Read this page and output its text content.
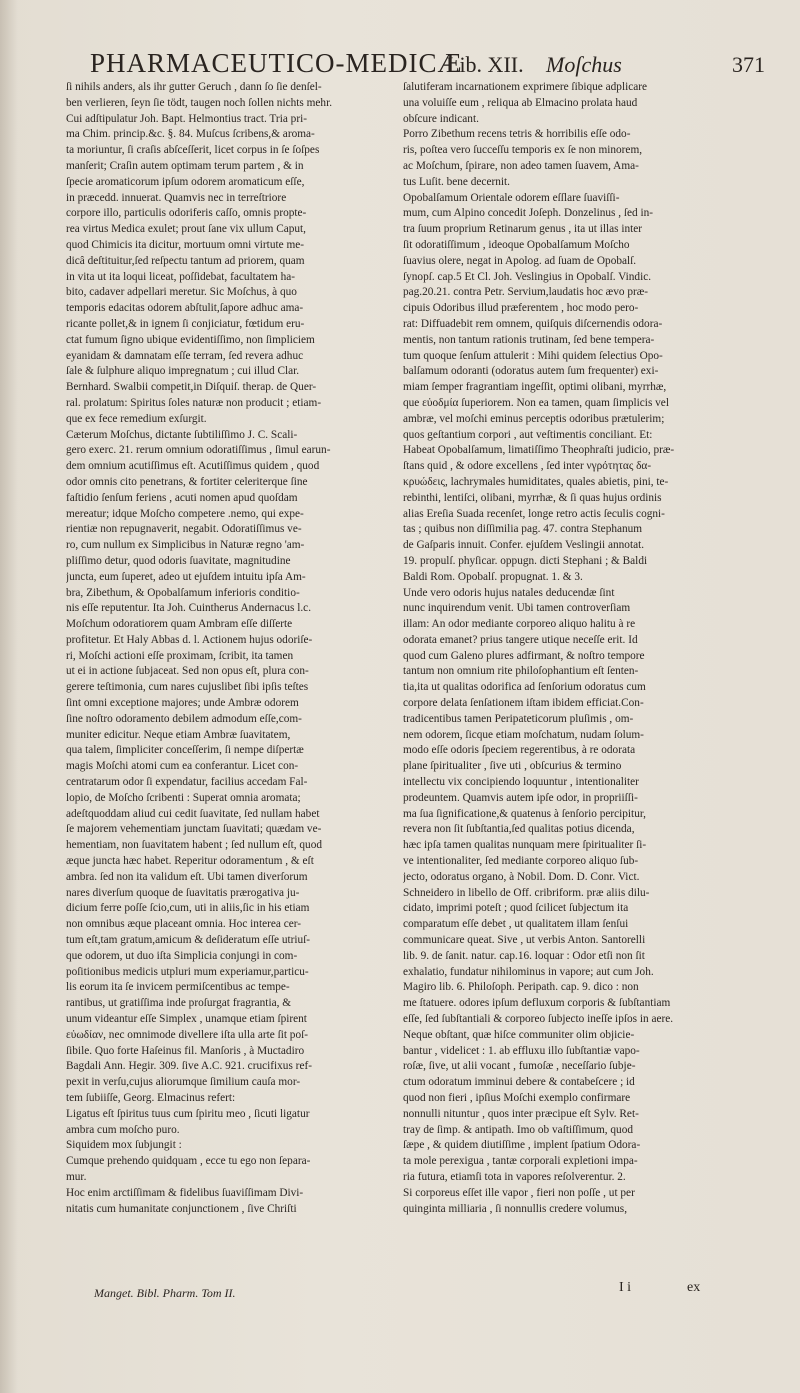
PHARMACEUTICO-MEDICÆ
Lib. XII. Moſchus	371
ſi nihils anders, als ihr gutter Geruch , dann ſo ſie denſel-
ben verlieren, ſeyn ſie tödt, taugen noch ſollen nichts mehr.
Cui adſtipulatur Joh. Bapt. Helmontius tract. Tria pri-
ma Chim. princip.&c. §. 84. Muſcus ſcribens,& aroma-
ta moriuntur, ſi craſis abſceſſerit, licet corpus in ſe ſoſpes
manſerit; Craſin autem optimam terum partem , & in
ſpecie aromaticorum ipſum odorem aromaticum eſſe,
in præcedd. innuerat. Quamvis nec in terreſtriore
corpore illo, particulis odoriferis caſſo, omnis propte-
rea virtus Medica exulet; prout ſane vix ullum Caput,
quod Chimicis ita dicitur, mortuum omni virtute me-
dicâ deſtituitur,ſed reſpectu tantum ad priorem, quam
in vita ut ita loqui liceat, poſſidebat, facultatem ha-
bito, cadaver adpellari meretur. Sic Moſchus, à quo
temporis edacitas odorem abſtulit,ſapore adhuc ama-
ricante pollet,& in ignem ſi conjiciatur, fœtidum eru-
ctat fumum ſigno ubique evidentiſſimo, non ſimpliciem
eyanidam & damnatam eſſe terram, ſed revera adhuc
ſale & ſulphure aliquo impregnatum ; cui illud Clar.
Bernhard. Swalbii competit,in Diſquiſ. therap. de Quer-
ral. prolatum: Spiritus ſoles naturæ non producit ; etiam-
que ex fece remedium exſurgit.
Cæterum Moſchus, dictante ſubtiliſſimo J. C. Scali-
gero exerc. 21. rerum omnium odoratiſſimus , ſimul earun-
dem omnium acutiſſimus eſt. Acutiſſimus quidem , quod
odor omnis cito penetrans, & fortiter celeriterque ſine
faſtidio ſenſum feriens , acuti nomen apud quoſdam
mereatur; idque Moſcho competere .nemo, qui expe-
rientiæ non repugnaverit, negabit. Odoratiſſimus ve-
ro, cum nullum ex Simplicibus in Naturæ regno 'am-
pliſſimo detur, quod odoris ſuavitate, magnitudine
juncta, eum ſuperet, adeo ut ejuſdem intuitu ipſa Am-
bra, Zibethum, & Opobalſamum inferioris conditio-
nis eſſe reputentur. Ita Joh. Cuintherus Andernacus l.c.
Moſchum odoratiorem quam Ambram eſſe diſſerte
profitetur. Et Haly Abbas d. l. Actionem hujus odoriſe-
ri, Moſchi actioni eſſe proximam, ſcribit, ita tamen
ut ei in actione ſubjaceat. Sed non opus eſt, plura con-
gerere teſtimonia, cum nares cujuslibet ſibi ipſis teſtes
ſint omni exceptione majores; unde Ambræ odorem
ſine noſtro odoramento debilem admodum eſſe,com-
muniter edicitur. Neque etiam Ambræ ſuavitatem,
qua talem, ſimpliciter conceſſerim, ſi nempe diſpertæ
magis Moſchi atomi cum ea conferantur. Licet con-
centratarum odor ſi expendatur, facilius accedam Fal-
lopio, de Moſcho ſcribenti : Superat omnia aromata;
adeſtquoddam aliud cui cedit ſuavitate, ſed nullam habet
ſe majorem vehementiam junctam ſuavitati; quædam ve-
hementiam, non ſuavitatem habent ; ſed nullum eſt, quod
æque juncta hæc habet. Reperitur odoramentum , & eſt
ambra. ſed non ita validum eſt. Ubi tamen diverſorum
nares diverſum quoque de ſuavitatis prærogativa ju-
dicium ferre poſſe ſcio,cum, uti in aliis,ſic in his etiam
non omnibus æque placeant omnia. Hoc interea cer-
tum eſt,tam gratum,amicum & deſideratum eſſe utriuſ-
que odorem, ut duo iſta Simplicia conjungi in com-
poſitionibus medicis utpluri mum experiamur,particu-
lis eorum ita ſe invicem permiſcentibus ac tempe-
rantibus, ut gratiſſima inde proſurgat fragrantia, &
unum videantur eſſe Simplex , unamque etiam ſpirent
εὐωδίαν, nec omnimode divellere iſta ulla arte ſit poſ-
ſibile. Quo forte Haſeinus fil. Manſoris , à Muctadiro
Bagdali Ann. Hegir. 309. ſive A.C. 921. crucifixus ref-
pexit in verſu,cujus aliorumque ſimilium cauſa mor-
tem ſubiiſſe, Georg. Elmacinus refert:
Ligatus eſt ſpiritus tuus cum ſpiritu meo , ſicuti ligatur
ambra cum moſcho puro.
Siquidem mox ſubjungit :
Cumque prehendo quidquam , ecce tu ego non ſepara-
mur.
Hoc enim arctiſſimam & fidelibus ſuaviſſimam Divi-
nitatis cum humanitate conjunctionem , ſive Chriſti
ſalutiferam incarnationem exprimere ſibique adplicare
una voluiſſe eum , reliqua ab Elmacino prolata haud
obſcure indicant.
Porro Zibethum recens tetris & horribilis eſſe odo-
ris, poſtea vero ſucceſſu temporis ex ſe non minorem,
ac Moſchum, ſpirare, non adeo tamen ſuavem, Ama-
tus Luſit. bene decernit.
Opobalſamum Orientale odorem eſſlare ſuaviſſi-
mum, cum Alpino concedit Joſeph. Donzelinus , ſed in-
tra ſuum proprium Retinarum genus , ita ut illas inter
ſit odoratiſſimum , ideoque Opobalſamum Moſcho
ſuavius olere, negat in Apolog. ad ſuam de Opobalſ.
ſynopſ. cap.5 Et Cl. Joh. Veslingius in Opobalſ. Vindic.
pag.20.21. contra Petr. Servium,laudatis hoc ævo præ-
cipuis Odoribus illud præferentem , hoc modo pero-
rat: Diffuadebit rem omnem, quiſquis diſcernendis odora-
mentis, non tantum rationis trutinam, ſed bene tempera-
tum quoque ſenſum attulerit : Mihi quidem ſelectius Opo-
balſamum odoranti (odoratus autem ſum frequenter) exi-
miam ſemper fragrantiam ingeſſit, optimi olibani, myrrhæ,
que εὐοδμία ſuperiorem. Non ea tamen, quam ſimplicis vel
ambræ, vel moſchi eminus perceptis odoribus prætulerim;
quos geſtantium corpori , aut veſtimentis conciliant. Et:
Habeat Opobalſamum, limatiſſimo Theophraſti judicio, præ-
ſtans quid , & odore excellens , ſed inter νγρότητας δα-
κρυώδεις, lachrymales humiditates, quales abietis, pini, te-
rebinthi, lentiſci, olibani, myrrhæ, & ſi quas hujus ordinis
alias Ereſia Suada recenſet, longe retro actis ſeculis cogni-
tas ; quibus non diſſimilia pag. 47. contra Stephanum
de Gaſparis innuit. Confer. ejuſdem Veslingii annotat.
19. propulſ. phyſicar. oppugn. dicti Stephani ; & Baldi
Baldi Rom. Opobalſ. propugnat. 1. & 3.
Unde vero odoris hujus natales deducendæ ſint
nunc inquirendum venit. Ubi tamen controverſiam
illam: An odor mediante corporeo aliquo halitu à re
odorata emanet? prius tangere utique neceſſe erit. Id
quod cum Galeno plures adfirmant, & noſtro tempore
tantum non omnium rite philoſophantium eſt ſenten-
tia,ita ut qualitas odorifica ad ſenſorium odoratus cum
corpore delata ſenſationem iſtam ibidem efficiat.Con-
tradicentibus tamen Peripateticorum pluſimis , om-
nem odorem, ſicque etiam moſchatum, nudam ſolum-
modo eſſe odoris ſpeciem regerentibus, à re odorata
plane ſpiritualiter , ſive uti , obſcurius & termino
intellectu vix concipiendo loquuntur , intentionaliter
prodeuntem. Quamvis autem ipſe odor, in propriiſſi-
ma ſua ſignificatione,& quatenus à ſenſorio percipitur,
revera non ſit ſubſtantia,ſed qualitas potius dicenda,
hæc ipſa tamen qualitas nunquam mere ſpiritualiter ſi-
ve intentionaliter, ſed mediante corporeo aliquo ſub-
jecto, odoratus organo, à Nobil. Dom. D. Conr. Vict.
Schneidero in libello de Off. cribriform. præ aliis dilu-
cidato, imprimi poteſt ; quod ſcilicet ſubjectum ita
comparatum eſſe debet , ut qualitatem illam ſenſui
communicare queat. Sive , ut verbis Anton. Santorelli
lib. 9. de ſanit. natur. cap.16. loquar : Odor etſi non ſit
exhalatio, fundatur nihilominus in vapore; aut cum Joh.
Magiro lib. 6. Philoſoph. Peripath. cap. 9. dico : non
me ſtatuere. odores ipſum defluxum corporis & ſubſtantiam
eſſe, ſed ſubſtantiali & corporeo ſubjecto ineſſe ipſos in aere.
Neque obſtant, quæ hiſce communiter olim objicie-
bantur , videlicet : 1. ab effluxu illo ſubſtantiæ vapo-
roſæ, ſive, ut alii vocant , fumoſæ , neceſſario ſubje-
ctum odoratum imminui debere & contabeſcere ; id
quod non fieri , ipſius Moſchi exemplo confirmare
nonnulli nituntur , quos inter præcipue eſt Sylv. Ret-
tray de ſimp. & antipath. Imo ob vaſtiſſimum, quod
ſæpe , & quidem diutiſſime , implent ſpatium Odora-
ta mole perexigua , tantæ corporali expletioni impa-
ria futura, etiamſi tota in vapores reſolverentur. 2.
Si corporeus eſſet ille vapor , fieri non poſſe , ut per
quinginta milliaria , ſi nonnullis credere volumus,
Manget. Bibl. Pharm. Tom II.	I i	ex
